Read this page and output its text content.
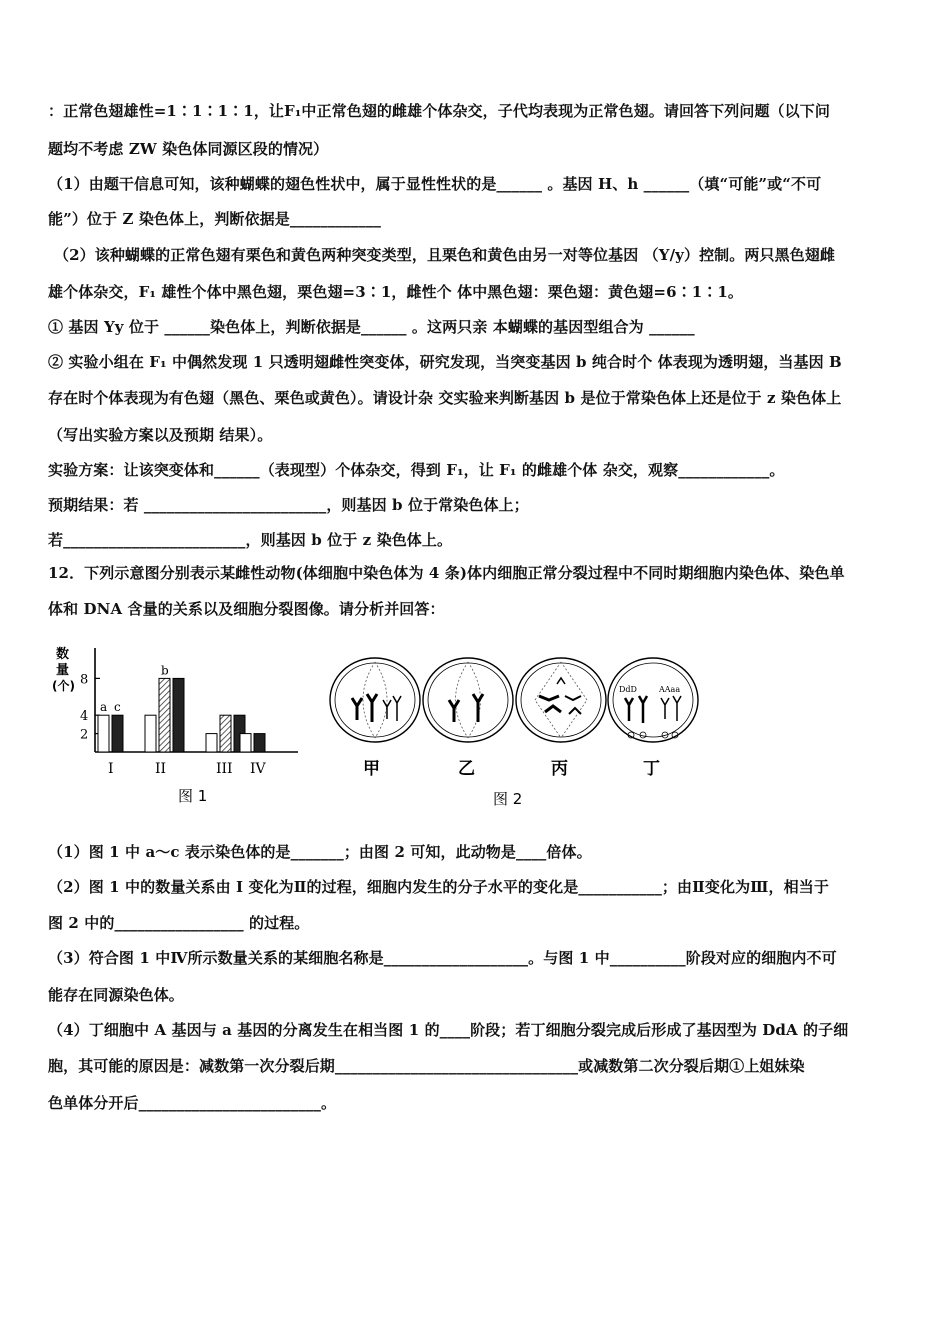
：正常色翅雄性=1∶1∶1∶1，让F₁中正常色翅的雌雄个体杂交，子代均表现为正常色翅。请回答下列问题（以下问
题均不考虑 ZW 染色体同源区段的情况）
（1）由题干信息可知，该种蝴蝶的翅色性状中，属于显性性状的是______ 。基因 H、h ______（填“可能”或“不可
能”）位于 Z 染色体上，判断依据是____________
（2）该种蝴蝶的正常色翅有栗色和黄色两种突变类型，且栗色和黄色由另一对等位基因 （Y/y）控制。两只黑色翅雌
雄个体杂交，F₁ 雄性个体中黑色翅，栗色翅=3∶1，雌性个 体中黑色翅：栗色翅：黄色翅=6∶1∶1。
① 基因 Yy 位于 ______染色体上，判断依据是______ 。这两只亲 本蝴蝶的基因型组合为 ______
② 实验小组在 F₁ 中偶然发现 1 只透明翅雌性突变体，研究发现，当突变基因 b 纯合时个 体表现为透明翅，当基因 B
存在时个体表现为有色翅（黑色、栗色或黄色）。请设计杂 交实验来判断基因 b 是位于常染色体上还是位于 z 染色体上
（写出实验方案以及预期 结果）。
实验方案：让该突变体和______（表现型）个体杂交，得到 F₁，让 F₁ 的雌雄个体 杂交，观察____________。
预期结果：若 ________________________，则基因 b 位于常染色体上；
若________________________，则基因 b 位于 z 染色体上。
12．下列示意图分别表示某雌性动物(体细胞中染色体为 4 条)体内细胞正常分裂过程中不同时期细胞内染色体、染色单
体和 DNA 含量的关系以及细胞分裂图像。请分析并回答：
数
量
(个)
2
4
8
a c
b
I	II	III IV
图 1
DdD	AAaa
甲	乙	丙	丁
图 2
（1）图 1 中 a～c 表示染色体的是_______；由图 2 可知，此动物是____倍体。
（2）图 1 中的数量关系由 I 变化为Ⅱ的过程，细胞内发生的分子水平的变化是___________；由Ⅱ变化为Ⅲ，相当于
图 2 中的_________________ 的过程。
（3）符合图 1 中Ⅳ所示数量关系的某细胞名称是___________________。与图 1 中__________阶段对应的细胞内不可
能存在同源染色体。
（4）丁细胞中 A 基因与 a 基因的分离发生在相当图 1 的____阶段；若丁细胞分裂完成后形成了基因型为 DdA 的子细
胞，其可能的原因是：减数第一次分裂后期________________________________或减数第二次分裂后期①上姐妹染
色单体分开后________________________。
